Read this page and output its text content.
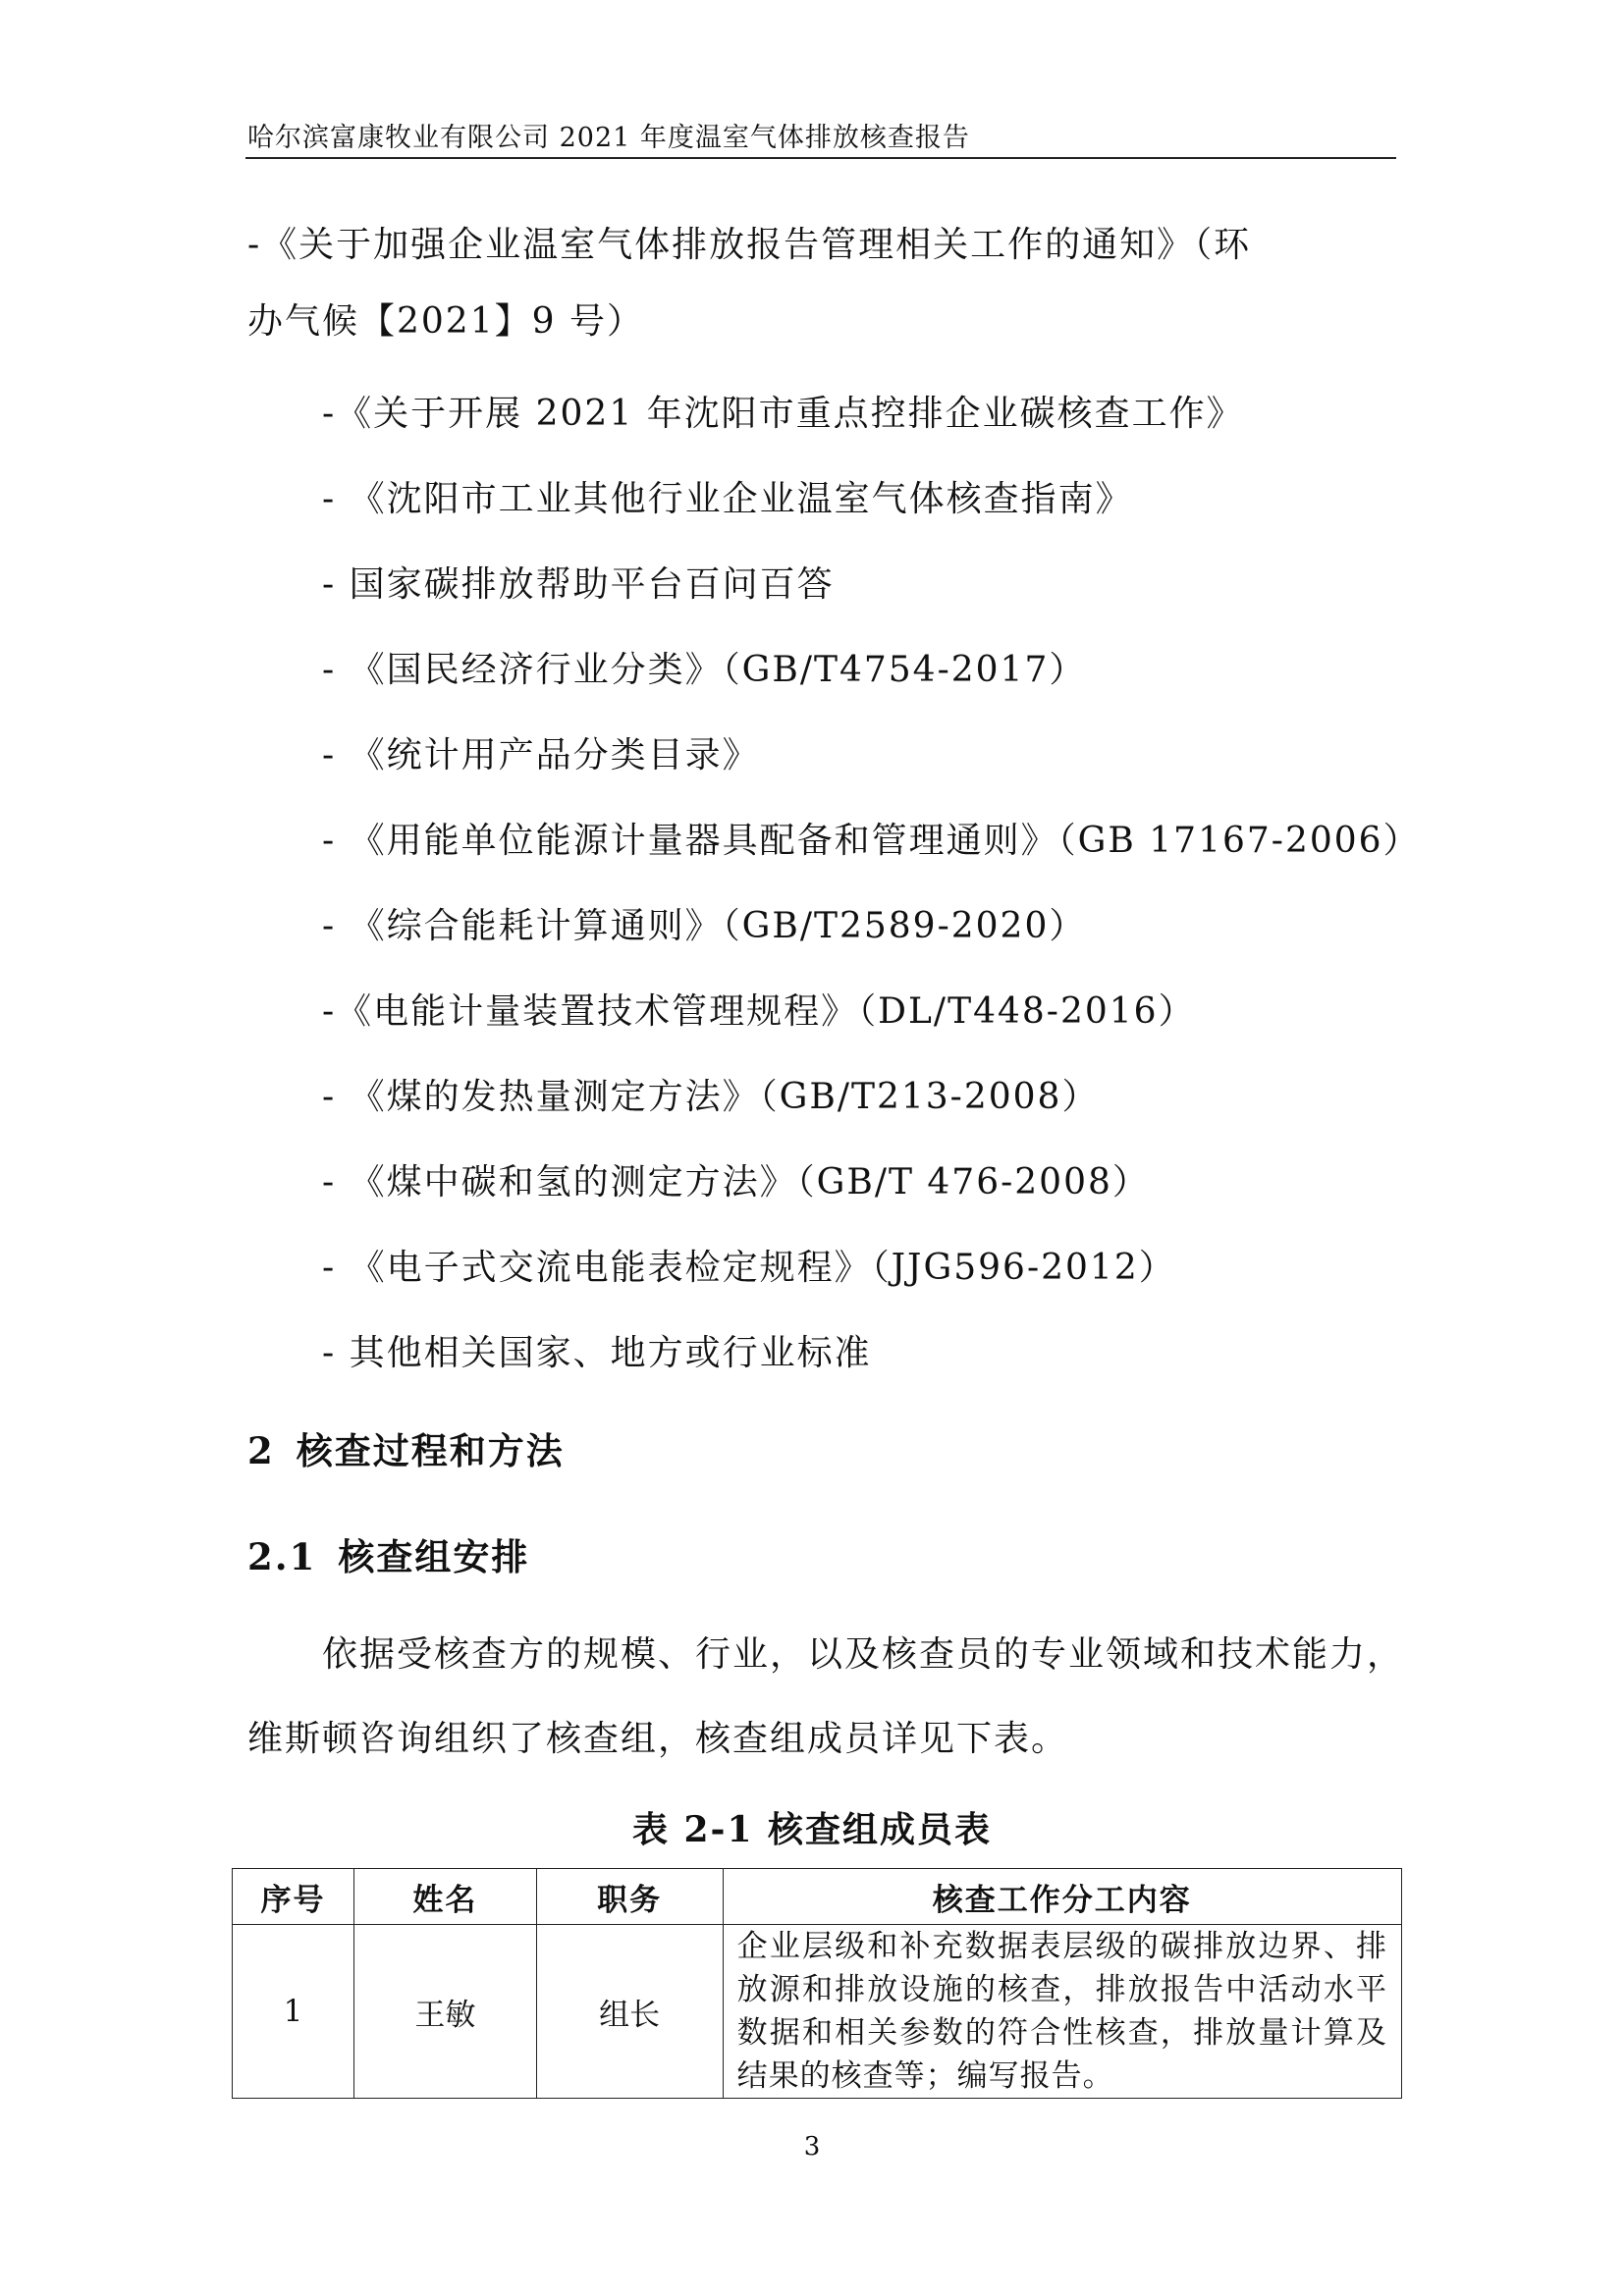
哈尔滨富康牧业有限公司 2021 年度温室气体排放核查报告
-《关于加强企业温室气体排放报告管理相关工作的通知》（环
办气候【2021】9 号）
-《关于开展 2021 年沈阳市重点控排企业碳核查工作》
- 《沈阳市工业其他行业企业温室气体核查指南》
- 国家碳排放帮助平台百问百答
- 《国民经济行业分类》（GB/T4754-2017）
- 《统计用产品分类目录》
- 《用能单位能源计量器具配备和管理通则》（GB 17167-2006）
- 《综合能耗计算通则》（GB/T2589-2020）
-《电能计量装置技术管理规程》（DL/T448-2016）
- 《煤的发热量测定方法》（GB/T213-2008）
- 《煤中碳和氢的测定方法》（GB/T 476-2008）
- 《电子式交流电能表检定规程》（JJG596-2012）
- 其他相关国家、地方或行业标准
2 核查过程和方法
2.1 核查组安排
依据受核查方的规模、行业，以及核查员的专业领域和技术能力，
维斯顿咨询组织了核查组，核查组成员详见下表。
表 2-1 核查组成员表
序号	姓名	职务	核查工作分工内容
1	王敏	组长	企业层级和补充数据表层级的碳排放边界、排放源和排放设施的核查，排放报告中活动水平数据和相关参数的符合性核查，排放量计算及结果的核查等；编写报告。
3
